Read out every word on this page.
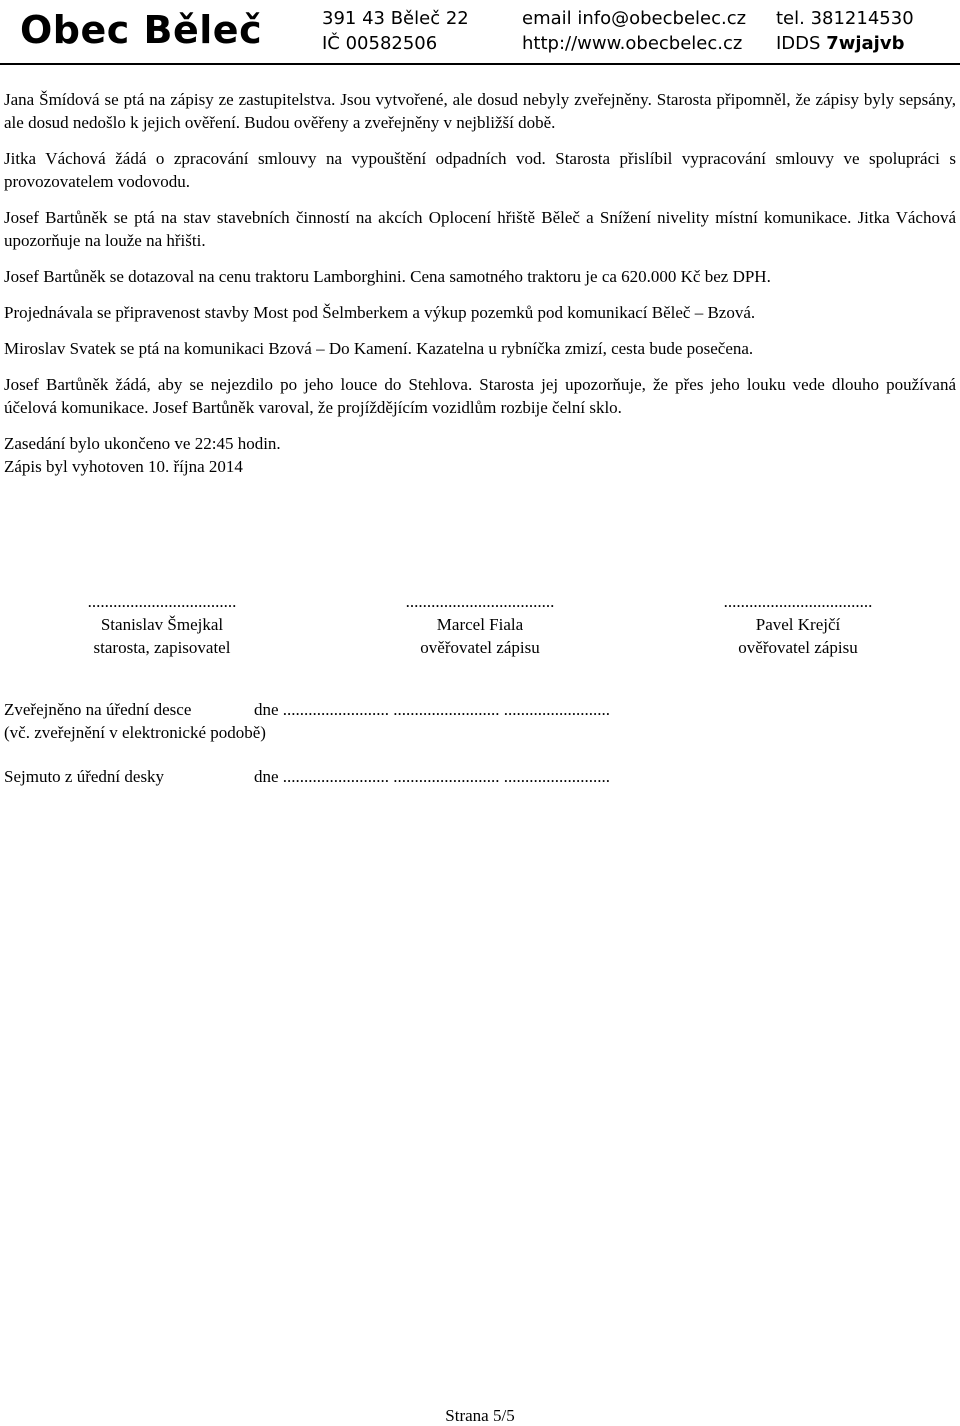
Obec Běleč	391 43 Běleč 22
IČ 00582506
email info@obecbelec.cz
http://www.obecbelec.cz
tel. 381214530
IDDS 7wjajvb

Jana Šmídová se ptá na zápisy ze zastupitelstva. Jsou vytvořené, ale dosud nebyly zveřejněny. Starosta připomněl, že zápisy byly sepsány, ale dosud nedošlo k jejich ověření. Budou ověřeny a zveřejněny v nejbližší době.

Jitka Váchová žádá o zpracování smlouvy na vypouštění odpadních vod. Starosta přislíbil vypracování smlouvy ve spolupráci s provozovatelem vodovodu.

Josef Bartůněk se ptá na stav stavebních činností na akcích Oplocení hřiště Běleč a Snížení nivelity místní komunikace. Jitka Váchová upozorňuje na louže na hřišti.

Josef Bartůněk se dotazoval na cenu traktoru Lamborghini. Cena samotného traktoru je ca 620.000 Kč bez DPH.

Projednávala se připravenost stavby Most pod Šelmberkem a výkup pozemků pod komunikací Běleč – Bzová.

Miroslav Svatek se ptá na komunikaci Bzová – Do Kamení. Kazatelna u rybníčka zmizí, cesta bude posečena.

Josef Bartůněk žádá, aby se nejezdilo po jeho louce do Stehlova. Starosta jej upozorňuje, že přes jeho louku vede dlouho používaná účelová komunikace. Josef Bartůněk varoval, že projíždějícím vozidlům rozbije čelní sklo.

Zasedání bylo ukončeno ve 22:45 hodin.

Zápis byl vyhotoven 10. října 2014

...................................
Stanislav Šmejkal
starosta, zapisovatel
...................................
Marcel Fiala
ověřovatel zápisu
...................................
Pavel Krejčí
ověřovatel zápisu
Zveřejněno na úřední desce	dne ......................... ......................... .........................
(vč. zveřejnění v elektronické podobě)
Sejmuto z úřední desky	dne ......................... ......................... .........................
Strana 5/5
